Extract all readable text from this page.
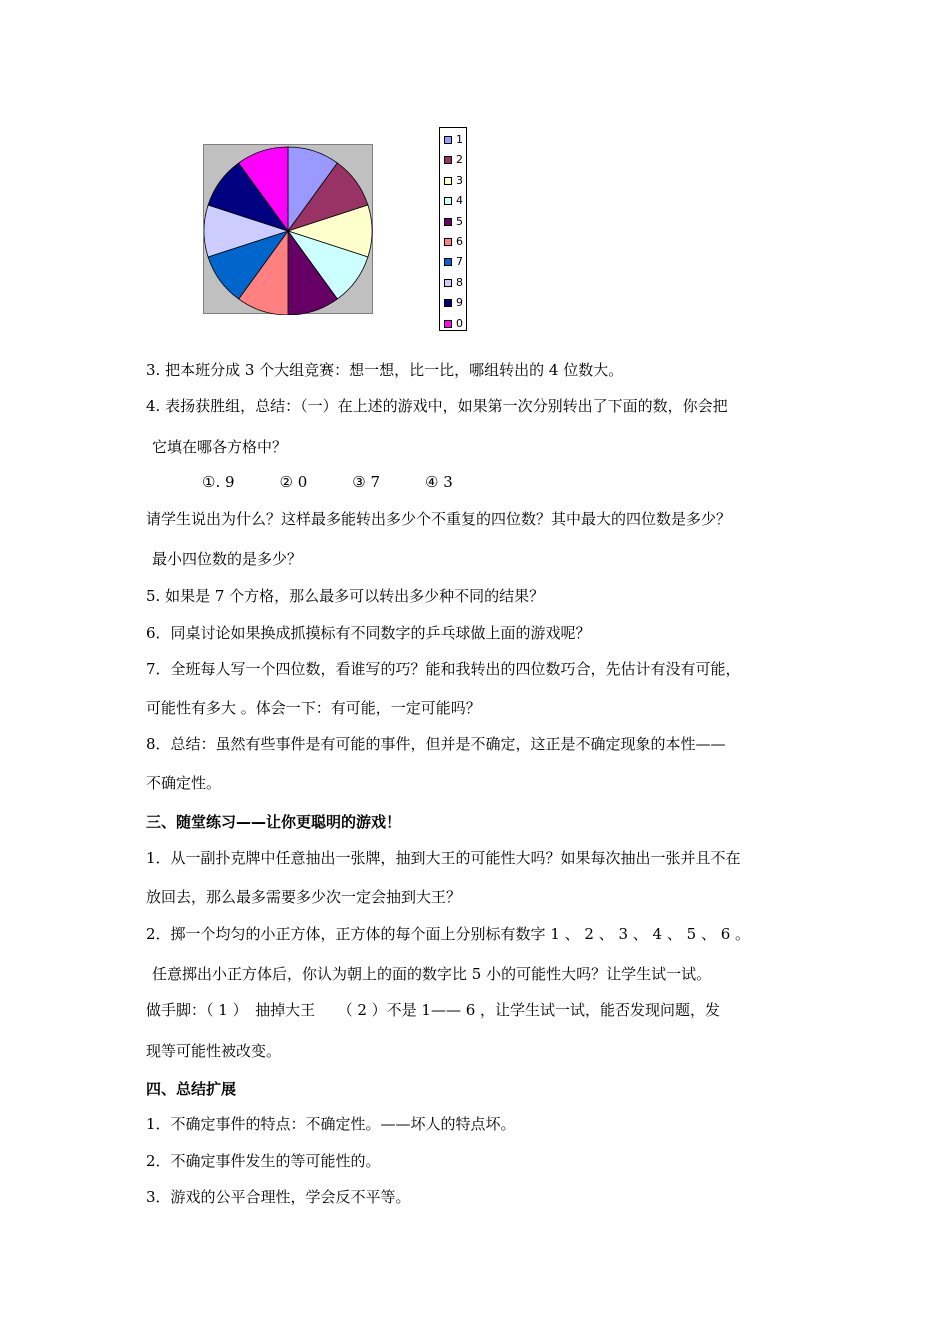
1
2
3
4
5
6
7
8
9
0
3. 把本班分成 3 个大组竞赛：想一想，比一比，哪组转出的 4 位数大。
4. 表扬获胜组，总结：（一）在上述的游戏中，如果第一次分别转出了下面的数，你会把
它填在哪各方格中？
①. 9　　　② 0　　　③ 7　　　④ 3
请学生说出为什么？这样最多能转出多少个不重复的四位数？其中最大的四位数是多少？
最小四位数的是多少？
5. 如果是 7 个方格，那么最多可以转出多少种不同的结果？
6．同桌讨论如果换成抓摸标有不同数字的乒乓球做上面的游戏呢？
7．全班每人写一个四位数，看谁写的巧？能和我转出的四位数巧合，先估计有没有可能，
可能性有多大 。体会一下：有可能，一定可能吗？
8．总结：虽然有些事件是有可能的事件，但并是不确定，这正是不确定现象的本性——
不确定性。
三、随堂练习——让你更聪明的游戏！
1．从一副扑克牌中任意抽出一张牌，抽到大王的可能性大吗？如果每次抽出一张并且不在
放回去，那么最多需要多少次一定会抽到大王？
2．掷一个均匀的小正方体，正方体的每个面上分别标有数字 1 、 2 、 3 、 4 、 5 、 6 。
任意掷出小正方体后，你认为朝上的面的数字比 5 小的可能性大吗？让学生试一试。
做手脚：（ 1 ）　抽掉大王　　（ 2 ）不是 1—— 6 ，让学生试一试，能否发现问题，发
现等可能性被改变。
四、总结扩展
1．不确定事件的特点：不确定性。——坏人的特点坏。
2．不确定事件发生的等可能性的。
3．游戏的公平合理性，学会反不平等。
